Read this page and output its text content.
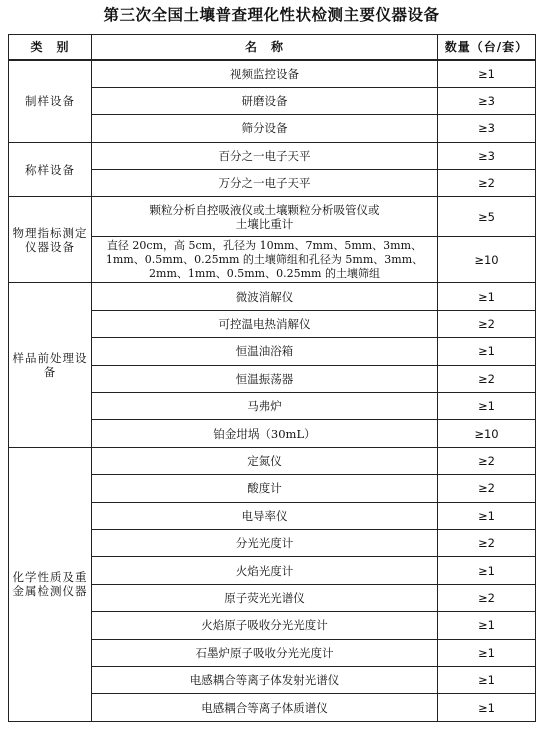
第三次全国土壤普查理化性状检测主要仪器设备
类　别	名　称	数量（台/套）
制样设备	视频监控设备	≥1
	研磨设备	≥3
	筛分设备	≥3
称样设备	百分之一电子天平	≥3
	万分之一电子天平	≥2
物理指标测定仪器设备	颗粒分析自控吸液仪或土壤颗粒分析吸管仪或土壤比重计	≥5
	直径 20cm，高 5cm，孔径为 10mm、7mm、5mm、3mm、1mm、0.5mm、0.25mm 的土壤筛组和孔径为 5mm、3mm、2mm、1mm、0.5mm、0.25mm 的土壤筛组	≥10
样品前处理设备	微波消解仪	≥1
	可控温电热消解仪	≥2
	恒温油浴箱	≥1
	恒温振荡器	≥2
	马弗炉	≥1
	铂金坩埚（30mL）	≥10
化学性质及重金属检测仪器	定氮仪	≥2
	酸度计	≥2
	电导率仪	≥1
	分光光度计	≥2
	火焰光度计	≥1
	原子荧光光谱仪	≥2
	火焰原子吸收分光光度计	≥1
	石墨炉原子吸收分光光度计	≥1
	电感耦合等离子体发射光谱仪	≥1
	电感耦合等离子体质谱仪	≥1
